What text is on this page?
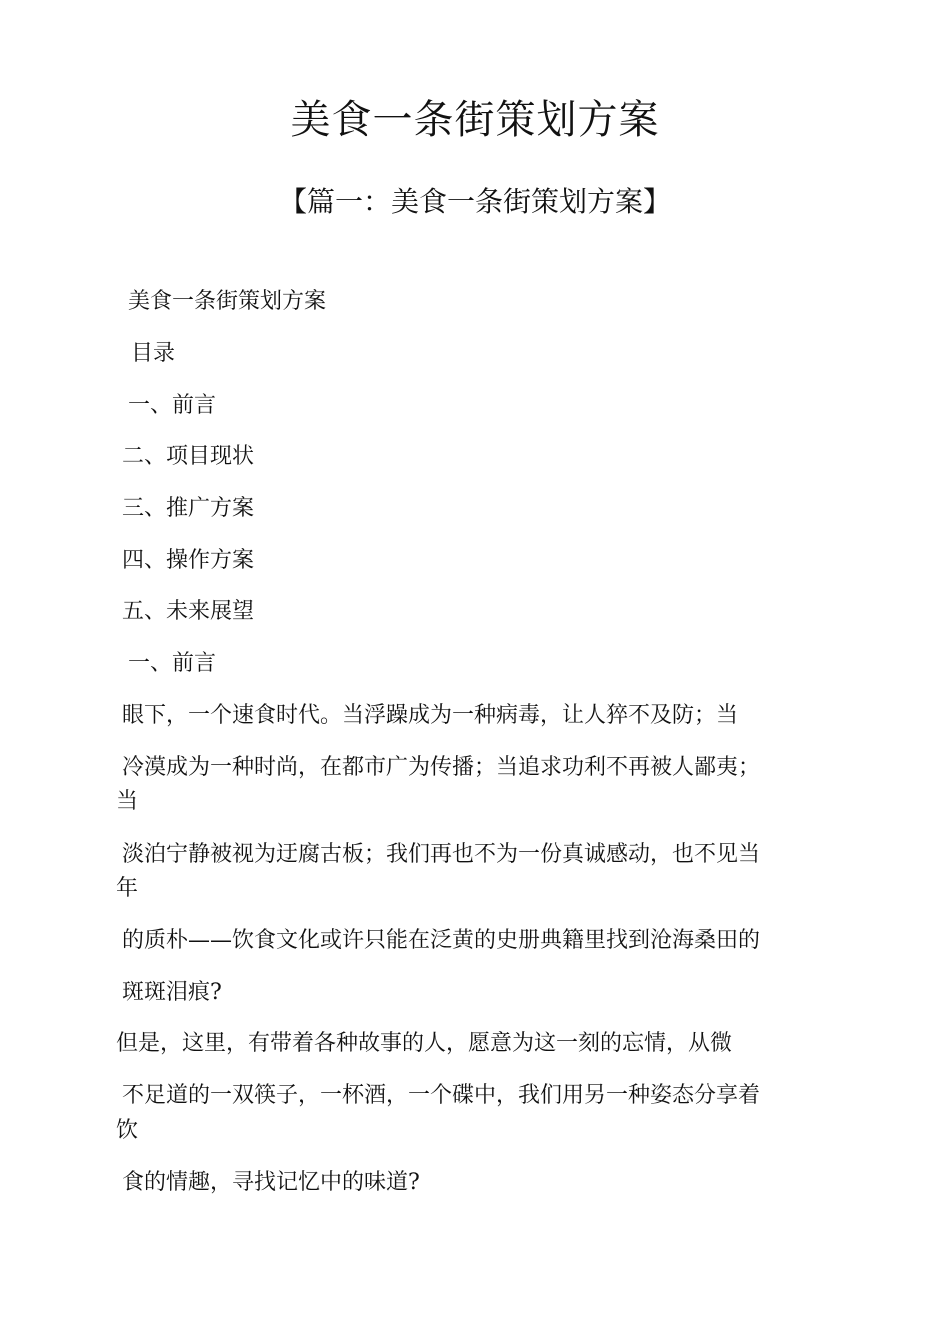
美食一条街策划方案
【篇一：美食一条街策划方案】
美食一条街策划方案
目录
一、前言
二、项目现状
三、推广方案
四、操作方案
五、未来展望
一、前言
眼下，一个速食时代。当浮躁成为一种病毒，让人猝不及防；当
冷漠成为一种时尚，在都市广为传播；当追求功利不再被人鄙夷；
当
淡泊宁静被视为迂腐古板；我们再也不为一份真诚感动，也不见当
年
的质朴——饮食文化或许只能在泛黄的史册典籍里找到沧海桑田的
斑斑泪痕?
但是，这里，有带着各种故事的人，愿意为这一刻的忘情，从微
不足道的一双筷子，一杯酒，一个碟中，我们用另一种姿态分享着
饮
食的情趣，寻找记忆中的味道?
